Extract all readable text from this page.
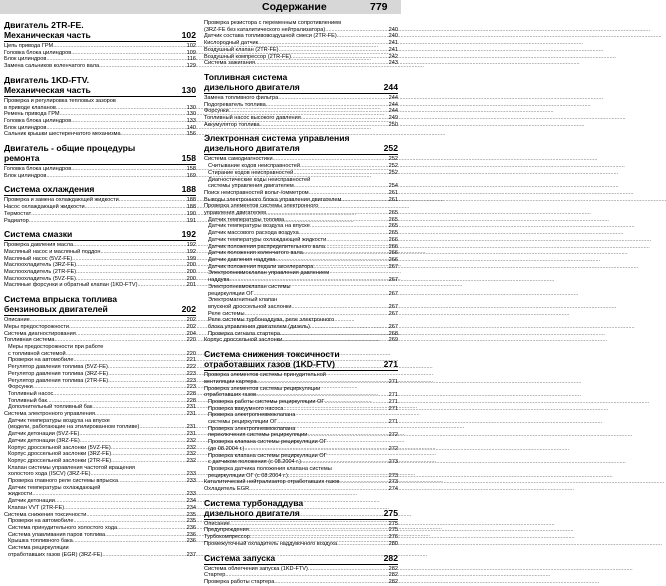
Содержание	779
Двигатель 2TR-FE.
Механическая часть	102
Цепь привода ГРМ .....	102
Головка блока цилиндров .....	109
Блок цилиндров .....	116
Замена сальников коленчатого вала .....	129
Двигатель 1KD-FTV.
Механическая часть	130
Проверка и регулировка тепловых зазоров
в приводе клапанов .....	130
Ремень привода ГРМ .....	130
Головка блока цилиндров .....	133
Блок цилиндров .....	140
Сальник крышки шестеренчатого механизма .....	156
Двигатель - общие процедуры
ремонта	158
Головка блока цилиндров .....	158
Блок цилиндров .....	169
Система охлаждения	188
Проверка и замена охлаждающей жидкости .....	188
Насос охлаждающей жидкости .....	188
Термостат .....	190
Радиатор .....	191
Система смазки	192
Проверка давления масла .....	192
Масляный насос и масляный поддон .....	192
Масляный насос (5VZ-FE) .....	199
Маслоохладитель (3RZ-FE) .....	200
Маслоохладитель (2TR-FE) .....	200
Маслоохладитель (5VZ-FE) .....	200
Масляные форсунки и обратный клапан (1KD-FTV) .....	201
Система впрыска топлива
бензиновых двигателей	202
Описание .....	202
Меры предосторожности .....	202
Система диагностирования .....	204
Топливная система .....	220
Меры предосторожности при работе
с топливной системой .....	220
Проверки на автомобиле .....	221
Регулятор давления топлива (5VZ-FE) .....	222
Регулятор давления топлива (3RZ-FE) .....	223
Регулятор давления топлива (2TR-FE) .....	223
Форсунки .....	223
Топливный насос .....	228
Топливный бак .....	228
Дополнительный топливный бак .....	231
Система электронного управления .....	231
Датчик температуры воздуха на впуске
(модели, работающие на этилированном топливе) .....	231
Датчик детонации (5VZ-FE) .....	231
Датчик детонации (3RZ-FE) .....	232
Корпус дроссельной заслонки (5VZ-FE) .....	232
Корпус дроссельной заслонки (3RZ-FE) .....	232
Корпус дроссельной заслонки (2TR-FE) .....	232
Клапан системы управления частотой вращения
холостого хода (ISCV) (3RZ-FE) .....	233
Проверка главного реле системы впрыска .....	233
Датчик температуры охлаждающей
жидкости .....	233
Датчик детонации .....	234
Клапан VVT (2TR-FE) .....	234
Система снижения токсичности .....	235
Проверки на автомобиле .....	235
Система принудительного холостого хода .....	236
Система улавливания паров топлива .....	236
Крышка топливного бака .....	236
Система рециркуляции
отработавших газов (EGR) (3RZ-FE) .....	237
Проверка резистора с переменным сопротивлением
(3RZ-FE без каталитического нейтрализатора) .....	240
Датчик состава топливовоздушной смеси (2TR-FE) .....	240
Кислородный датчик .....	241
Воздушный клапан (2TR-FE) .....	241
Воздушный компрессор (2TR-FE) .....	242
Система зажигания .....	243
Топливная система
дизельного двигателя	244
Замена топливного фильтра .....	244
Подогреватель топлива .....	244
Форсунки .....	244
Топливный насос высокого давления .....	249
Аккумулятор топлива .....	250
Электронная система управления
дизельного двигателя	252
Система самодиагностики .....	252
Считывание кодов неисправностей .....	252
Стирание кодов неисправностей .....	252
Диагностические коды неисправностей
системы управления двигателем .....	254
Поиск неисправностей вольт-/омметром .....	261
Выводы электронного блока управления двигателем .....	261
Проверка элементов системы электронного
управления двигателем .....	265
Датчик температуры топлива .....	265
Датчик температуры воздуха на впуске .....	265
Датчик массового расхода воздуха .....	265
Датчик температуры охлаждающей жидкости .....	266
Датчик положения распределительного вала .....	266
Датчик положения коленчатого вала .....	266
Датчик давления наддува .....	266
Датчик положения педали акселератора .....	267
Электропневмоклапан управления давлением
наддува .....	267
Электропневмоклапан системы
рециркуляции ОГ .....	267
Электромагнитный клапан
впускной дроссельной заслонки .....	267
Реле системы .....	267
Реле системы турбонаддува, реле электронного
блока управления двигателем (дизель) .....	267
Проверка сигнала стартера .....	268
Корпус дроссельной заслонки .....	269
Система снижения токсичности
отработавших газов (1KD-FTV)	271
Проверка элементов системы принудительной
вентиляции картера .....	271
Проверка элементов системы рециркуляции
отработавших газов .....	271
Проверка работы системы рециркуляции ОГ .....	271
Проверка вакуумного насоса .....	271
Проверка электропневмоклапана
системы рециркуляции ОГ .....	271
Проверка электропневмоклапана
переключения системы рециркуляции .....	272
Проверка клапана системы рециркуляции ОГ
(до 08.2004 г.) .....	272
Проверка клапана системы рециркуляции ОГ
с датчиком положения (с 08.2004 г.) .....	273
Проверка датчика положения клапана системы
рециркуляции ОГ (с 08.2004 г.) .....	273
Каталитический нейтрализатор отработавших газов .....	273
Охладитель EGR .....	274
Система турбонаддува
дизельного двигателя	275
Описание .....	275
Предупреждения .....	275
Турбокомпрессор .....	276
Промежуточный охладитель наддувочного воздуха .....	280
Система запуска	282
Система облегчения запуска (1KD-FTV) .....	282
Стартер .....	282
Проверка работы стартера .....	282
